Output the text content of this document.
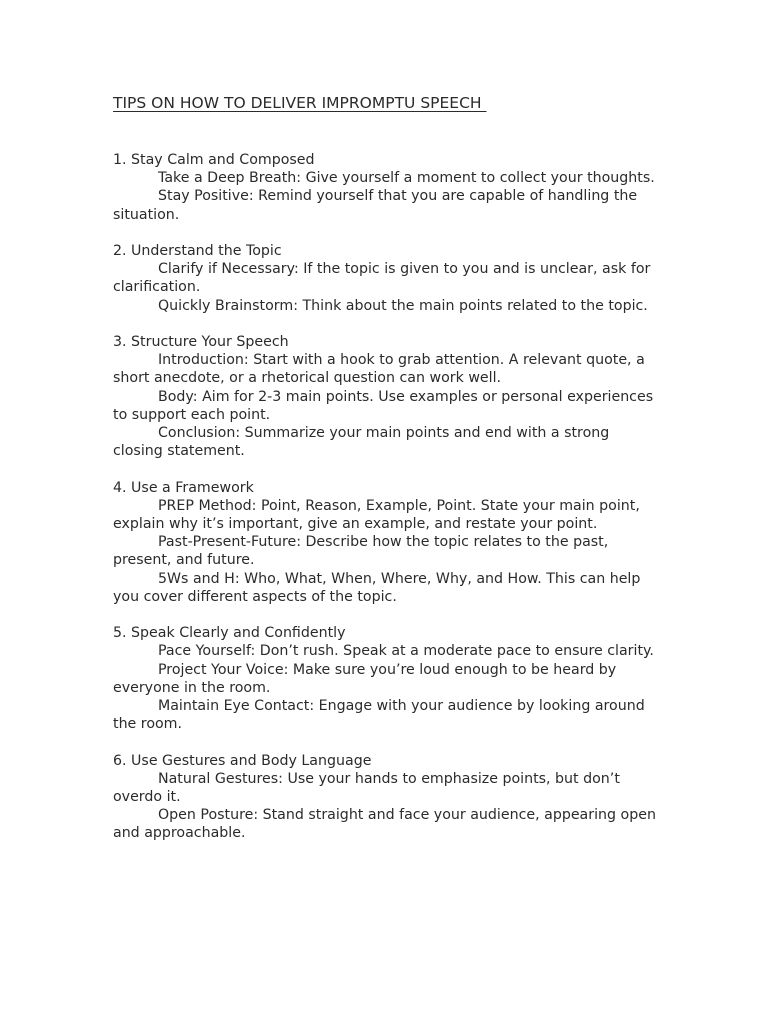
TIPS ON HOW TO DELIVER IMPROMPTU SPEECH

1. Stay Calm and Composed

Take a Deep Breath: Give yourself a moment to collect your thoughts.

Stay Positive: Remind yourself that you are capable of handling the situation.

2. Understand the Topic

Clarify if Necessary: If the topic is given to you and is unclear, ask for clarification.

Quickly Brainstorm: Think about the main points related to the topic.

3. Structure Your Speech

Introduction: Start with a hook to grab attention. A relevant quote, a short anecdote, or a rhetorical question can work well.

Body: Aim for 2-3 main points. Use examples or personal experiences to support each point.

Conclusion: Summarize your main points and end with a strong closing statement.

4. Use a Framework

PREP Method: Point, Reason, Example, Point. State your main point, explain why it’s important, give an example, and restate your point.

Past-Present-Future: Describe how the topic relates to the past, present, and future.

5Ws and H: Who, What, When, Where, Why, and How. This can help you cover different aspects of the topic.

5. Speak Clearly and Confidently

Pace Yourself: Don’t rush. Speak at a moderate pace to ensure clarity.

Project Your Voice: Make sure you’re loud enough to be heard by everyone in the room.

Maintain Eye Contact: Engage with your audience by looking around the room.

6. Use Gestures and Body Language

Natural Gestures: Use your hands to emphasize points, but don’t overdo it.

Open Posture: Stand straight and face your audience, appearing open and approachable.
